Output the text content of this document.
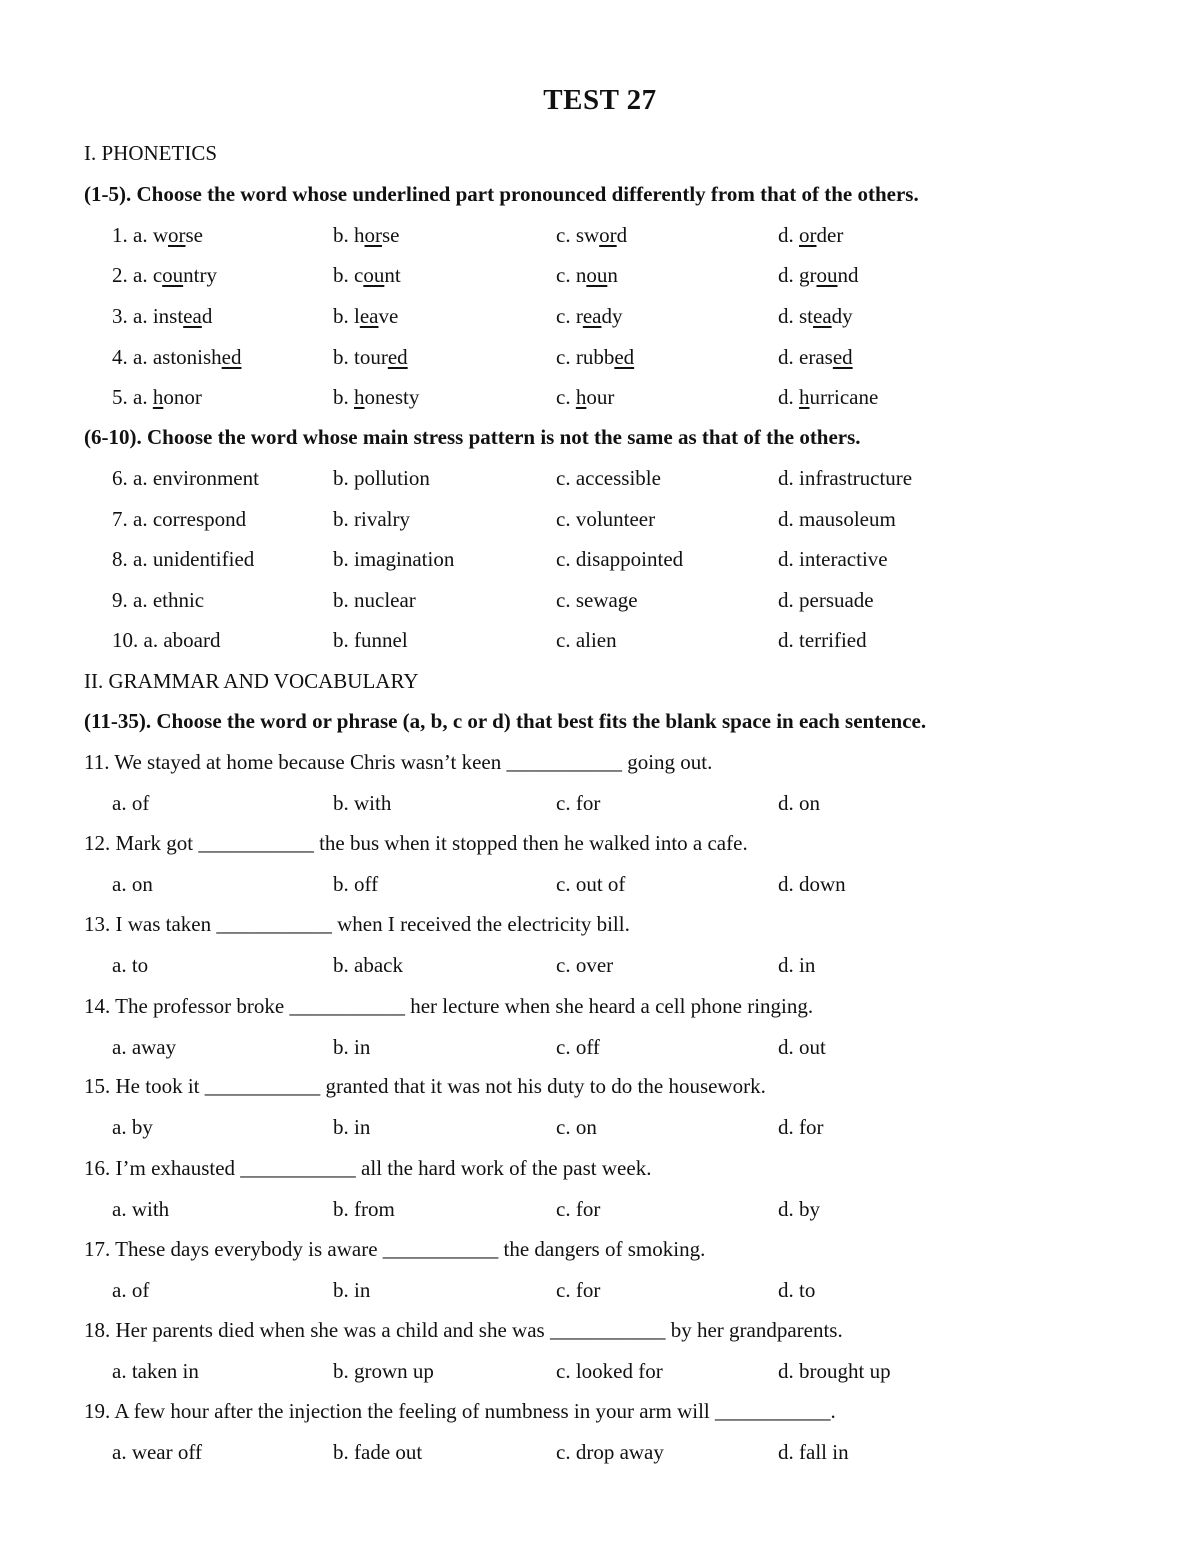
TEST 27
I. PHONETICS
(1-5). Choose the word whose underlined part pronounced differently from that of the others.
1. a. worse	b. horse	c. sword	d. order
2. a. country	b. count	c. noun	d. ground
3. a. instead	b. leave	c. ready	d. steady
4. a. astonished	b. toured	c. rubbed	d. erased
5. a. honor	b. honesty	c. hour	d. hurricane
(6-10). Choose the word whose main stress pattern is not the same as that of the others.
6. a. environment	b. pollution	c. accessible	d. infrastructure
7. a. correspond	b. rivalry	c. volunteer	d. mausoleum
8. a. unidentified	b. imagination	c. disappointed	d. interactive
9. a. ethnic	b. nuclear	c. sewage	d. persuade
10. a. aboard	b. funnel	c. alien	d. terrified
II. GRAMMAR AND VOCABULARY
(11-35). Choose the word or phrase (a, b, c or d) that best fits the blank space in each sentence.
11. We stayed at home because Chris wasn’t keen ___________ going out.
a. of	b. with	c. for	d. on
12. Mark got ___________ the bus when it stopped then he walked into a cafe.
a. on	b. off	c. out of	d. down
13. I was taken ___________ when I received the electricity bill.
a. to	b. aback	c. over	d. in
14. The professor broke ___________ her lecture when she heard a cell phone ringing.
a. away	b. in	c. off	d. out
15. He took it ___________ granted that it was not his duty to do the housework.
a. by	b. in	c. on	d. for
16. I’m exhausted ___________ all the hard work of the past week.
a. with	b. from	c. for	d. by
17. These days everybody is aware ___________ the dangers of smoking.
a. of	b. in	c. for	d. to
18. Her parents died when she was a child and she was ___________ by her grandparents.
a. taken in	b. grown up	c. looked for	d. brought up
19. A few hour after the injection the feeling of numbness in your arm will ___________.
a. wear off	b. fade out	c. drop away	d. fall in
